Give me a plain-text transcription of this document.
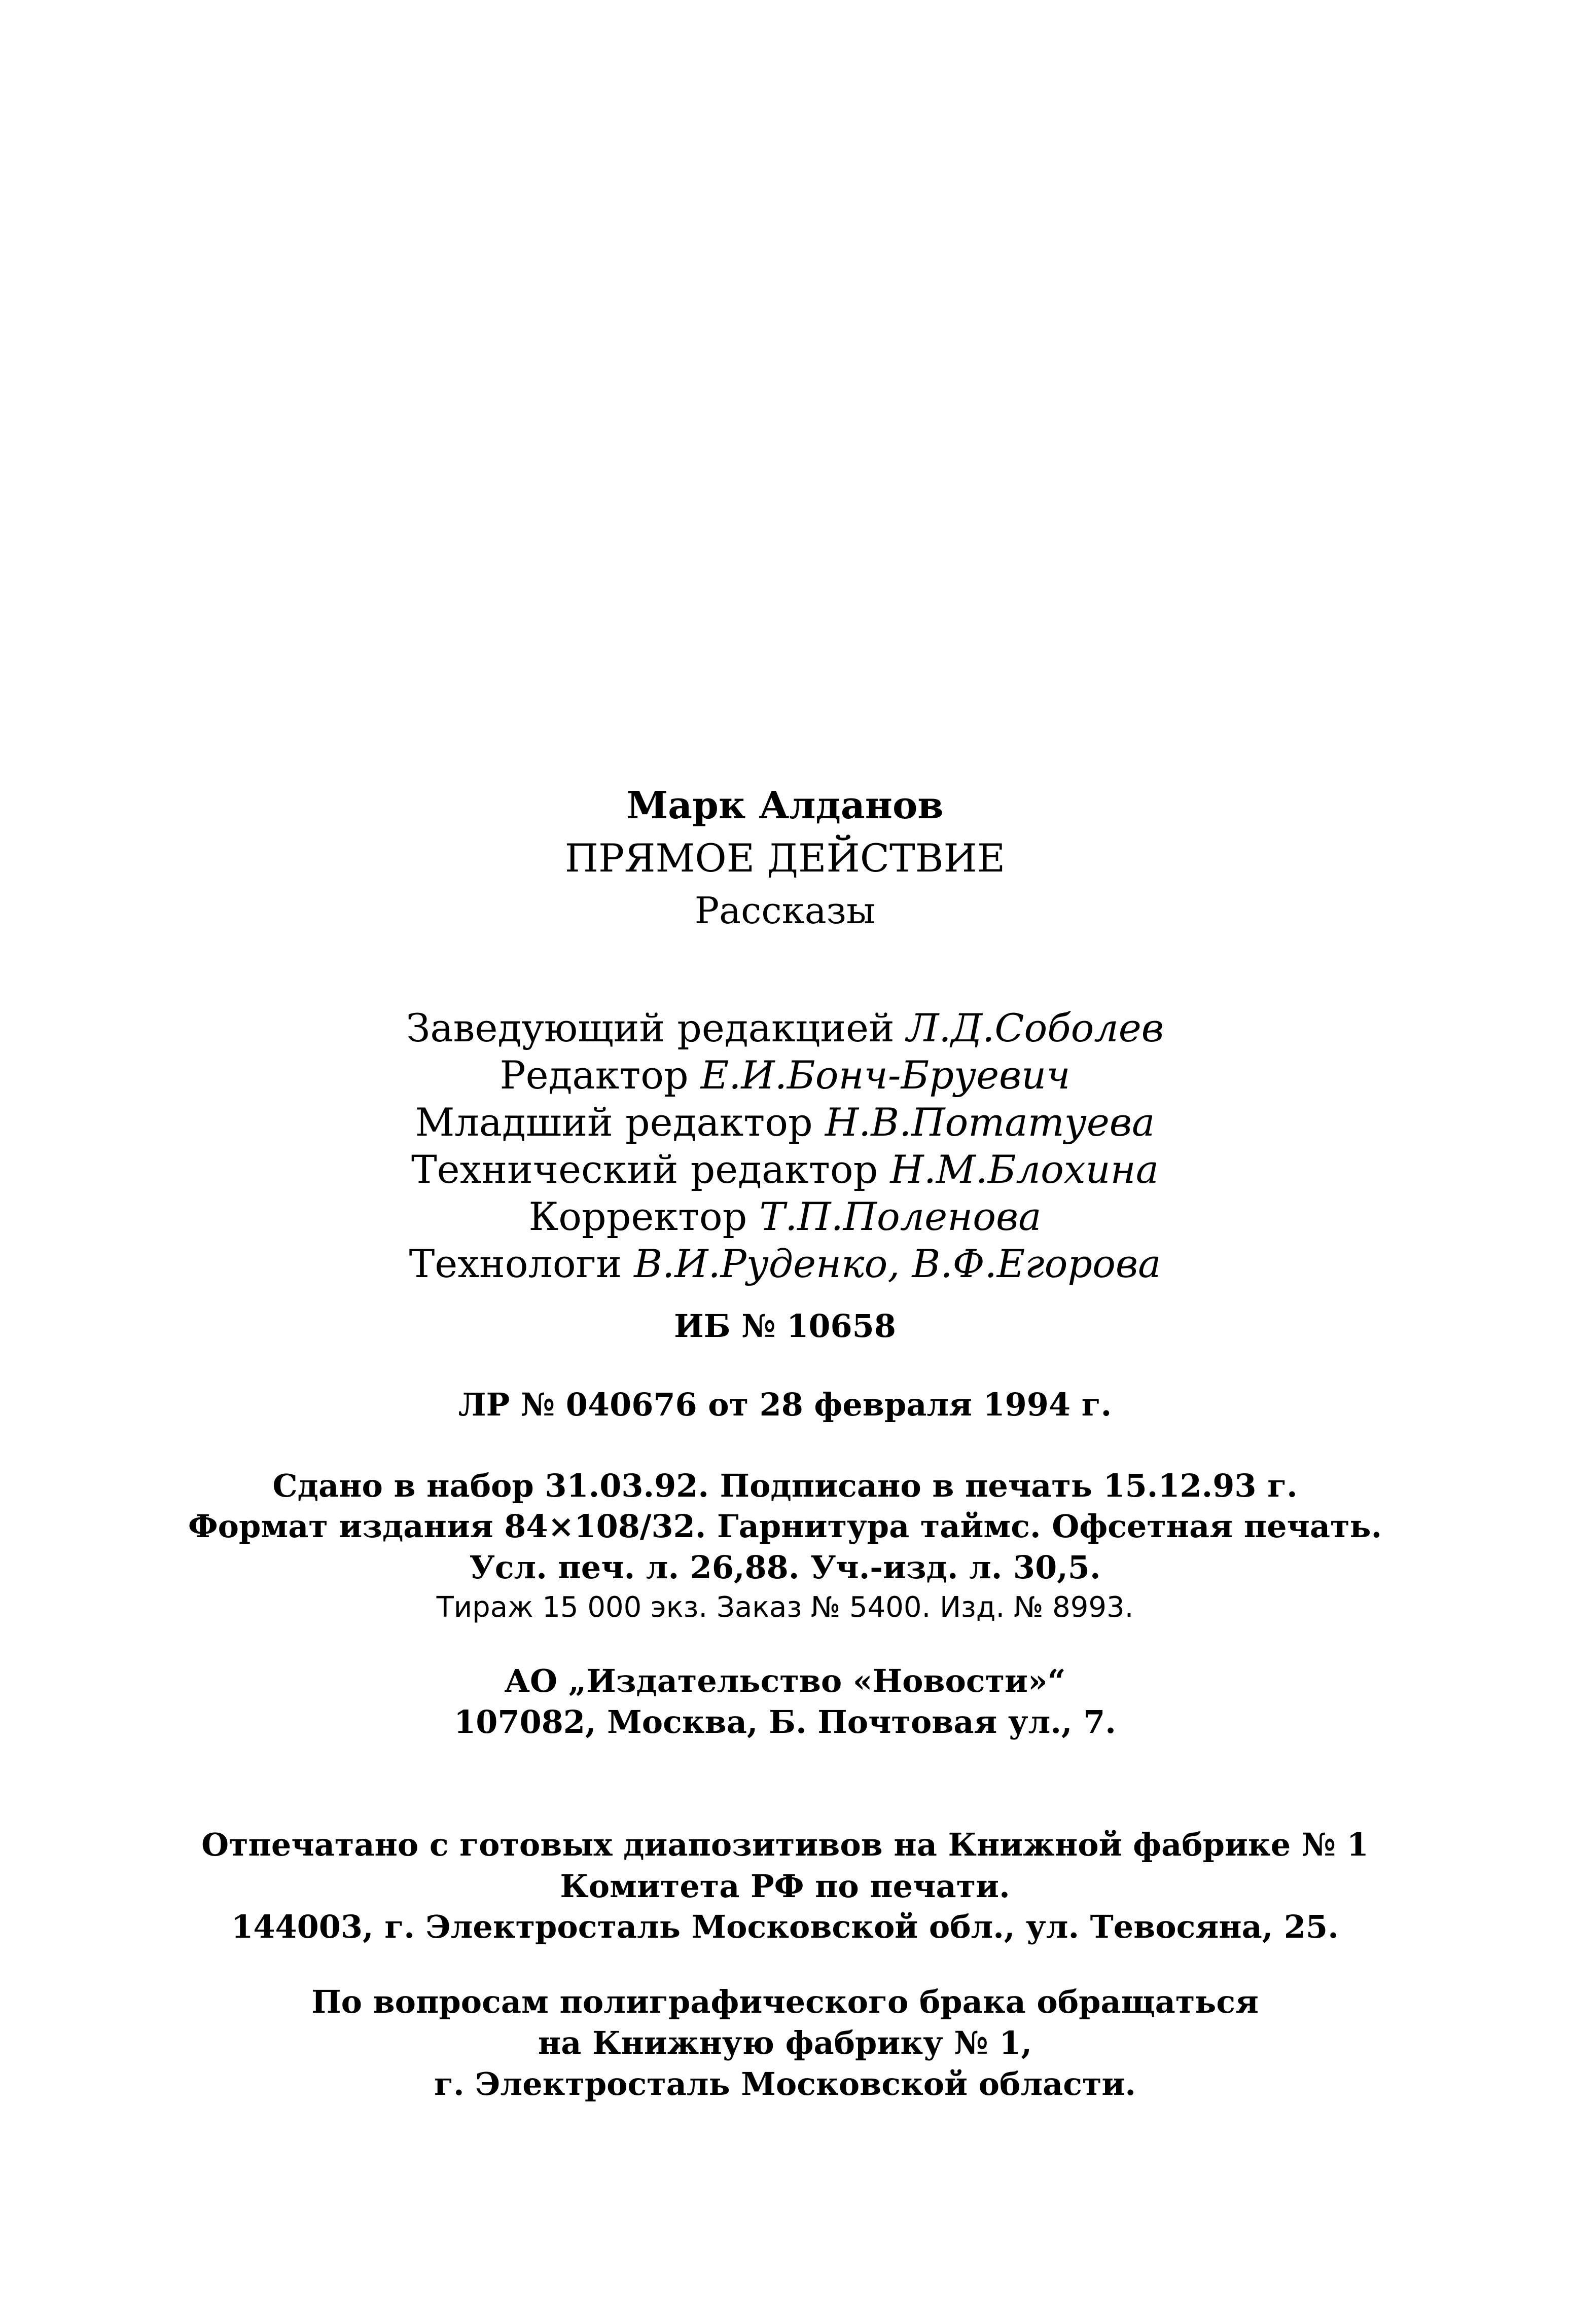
Марк Алданов
ПРЯМОЕ ДЕЙСТВИЕ
Рассказы
Заведующий редакцией Л.Д.Соболев
Редактор Е.И.Бонч-Бруевич
Младший редактор Н.В.Потатуева
Технический редактор Н.М.Блохина
Корректор Т.П.Поленова
Технологи В.И.Руденко, В.Ф.Егорова
ИБ № 10658
ЛР № 040676 от 28 февраля 1994 г.
Сдано в набор 31.03.92. Подписано в печать 15.12.93 г.
Формат издания 84×108/32. Гарнитура таймс. Офсетная печать.
Усл. печ. л. 26,88. Уч.-изд. л. 30,5.
Тираж 15 000 экз. Заказ № 5400. Изд. № 8993.
АО „Издательство «Новости»“
107082, Москва, Б. Почтовая ул., 7.
Отпечатано с готовых диапозитивов на Книжной фабрике № 1
Комитета РФ по печати.
144003, г. Электросталь Московской обл., ул. Тевосяна, 25.
По вопросам полиграфического брака обращаться
на Книжную фабрику № 1,
г. Электросталь Московской области.
